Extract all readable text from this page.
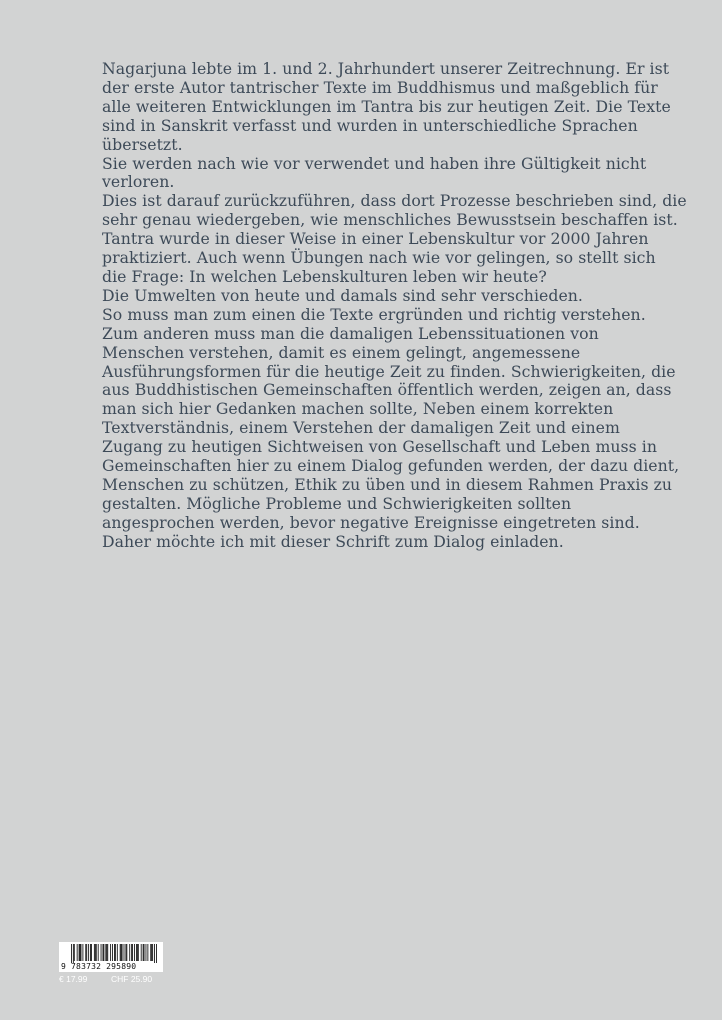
Nagarjuna lebte im 1. und 2. Jahrhundert unserer Zeitrechnung. Er ist
der erste Autor tantrischer Texte im Buddhismus und maßgeblich für
alle weiteren Entwicklungen im Tantra bis zur heutigen Zeit. Die Texte
sind in Sanskrit verfasst und wurden in unterschiedliche Sprachen
übersetzt.
Sie werden nach wie vor verwendet und haben ihre Gültigkeit nicht
verloren.
Dies ist darauf zurückzuführen, dass dort Prozesse beschrieben sind, die
sehr genau wiedergeben, wie menschliches Bewusstsein beschaffen ist.
Tantra wurde in dieser Weise in einer Lebenskultur vor 2000 Jahren
praktiziert. Auch wenn Übungen nach wie vor gelingen, so stellt sich
die Frage: In welchen Lebenskulturen leben wir heute?
Die Umwelten von heute und damals sind sehr verschieden.
So muss man zum einen die Texte ergründen und richtig verstehen.
Zum anderen muss man die damaligen Lebenssituationen von
Menschen verstehen, damit es einem gelingt, angemessene
Ausführungsformen für die heutige Zeit zu finden. Schwierigkeiten, die
aus Buddhistischen Gemeinschaften öffentlich werden, zeigen an, dass
man sich hier Gedanken machen sollte, Neben einem korrekten
Textverständnis, einem Verstehen der damaligen Zeit und einem
Zugang zu heutigen Sichtweisen von Gesellschaft und Leben muss in
Gemeinschaften hier zu einem Dialog gefunden werden, der dazu dient,
Menschen zu schützen, Ethik zu üben und in diesem Rahmen Praxis zu
gestalten. Mögliche Probleme und Schwierigkeiten sollten
angesprochen werden, bevor negative Ereignisse eingetreten sind.
Daher möchte ich mit dieser Schrift zum Dialog einladen.
9 783732 295890
€ 17.99	CHF 25.90
